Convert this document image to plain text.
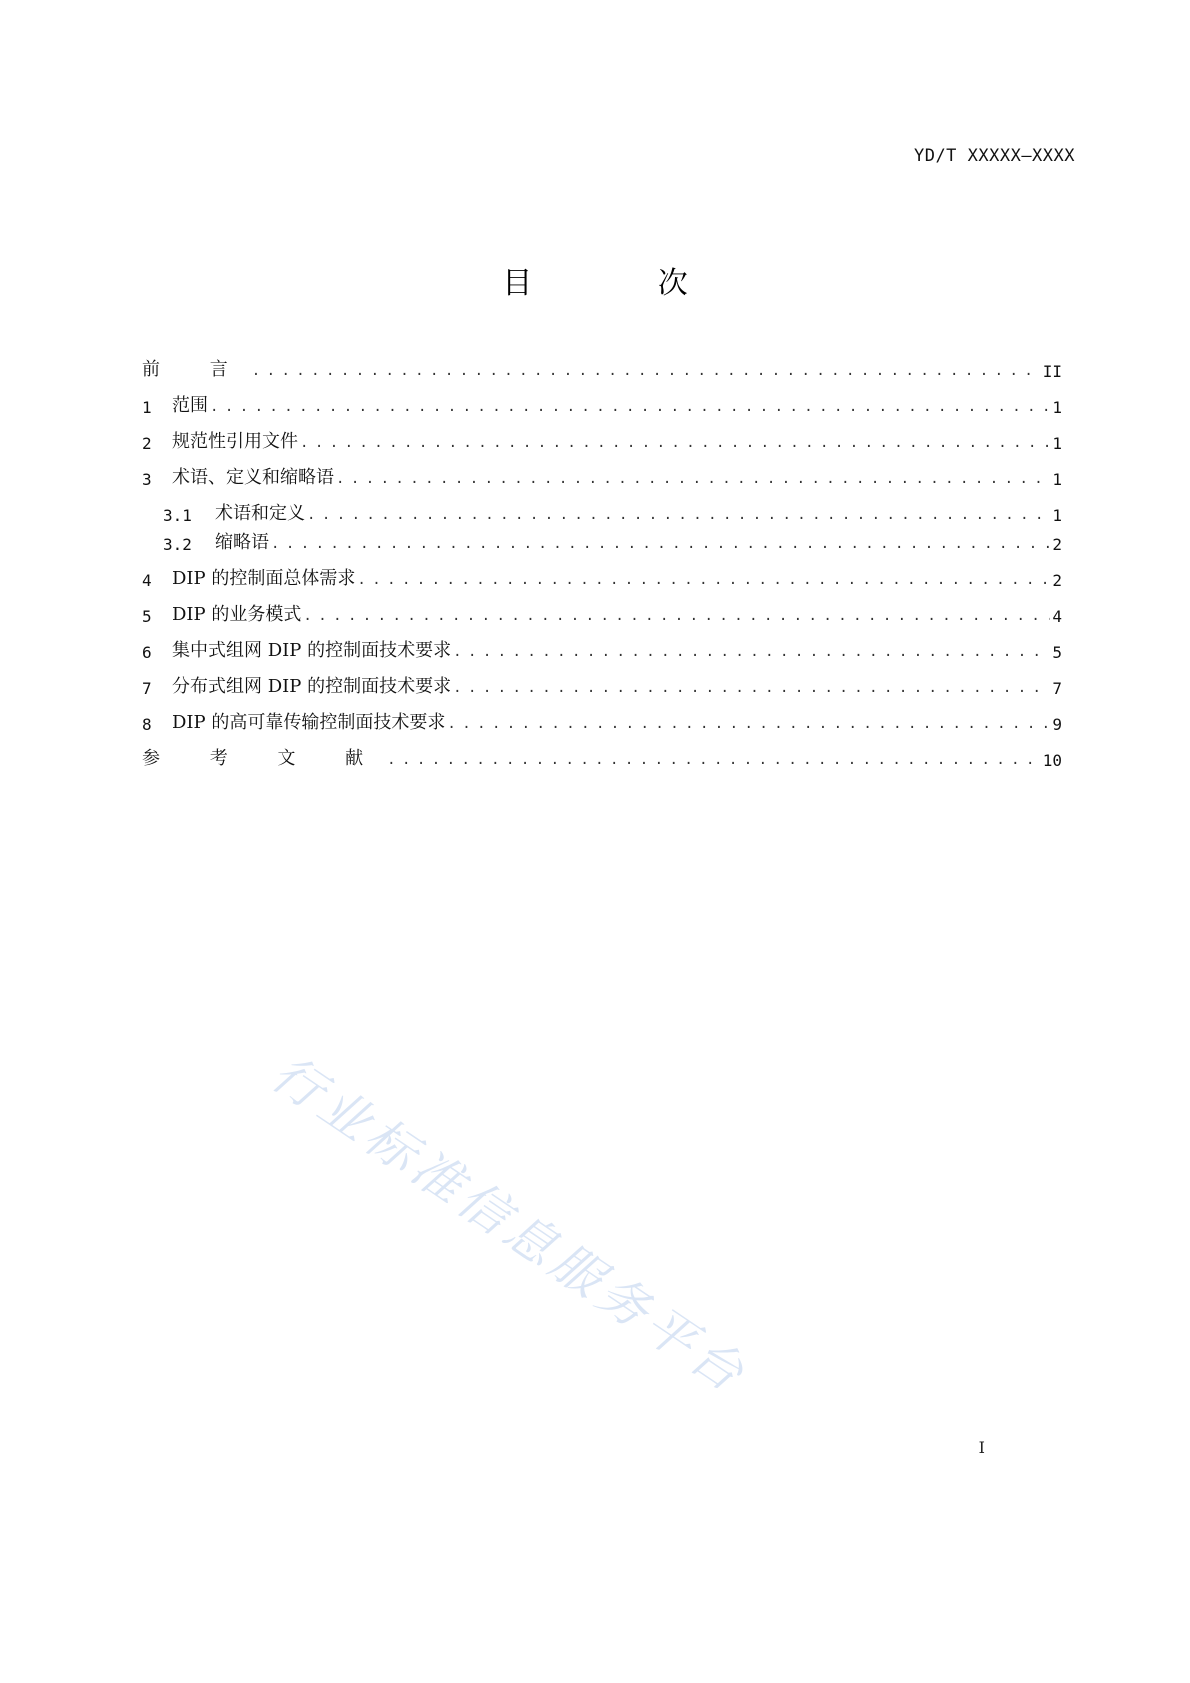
YD/T XXXXX—XXXX
目 次
前 言 . . .	II
1	范围 . . .	1
2	规范性引用文件 . . .	1
3	术语、定义和缩略语 . . .	1
3.1	术语和定义 . . .	1
3.2	缩略语 . . .	2
4	DIP 的控制面总体需求 . . .	2
5	DIP 的业务模式 . . .	4
6	集中式组网 DIP 的控制面技术要求 . . .	5
7	分布式组网 DIP 的控制面技术要求 . . .	7
8	DIP 的高可靠传输控制面技术要求 . . .	9
参 考 文 献 . . .	10
行业标准信息服务平台
I
